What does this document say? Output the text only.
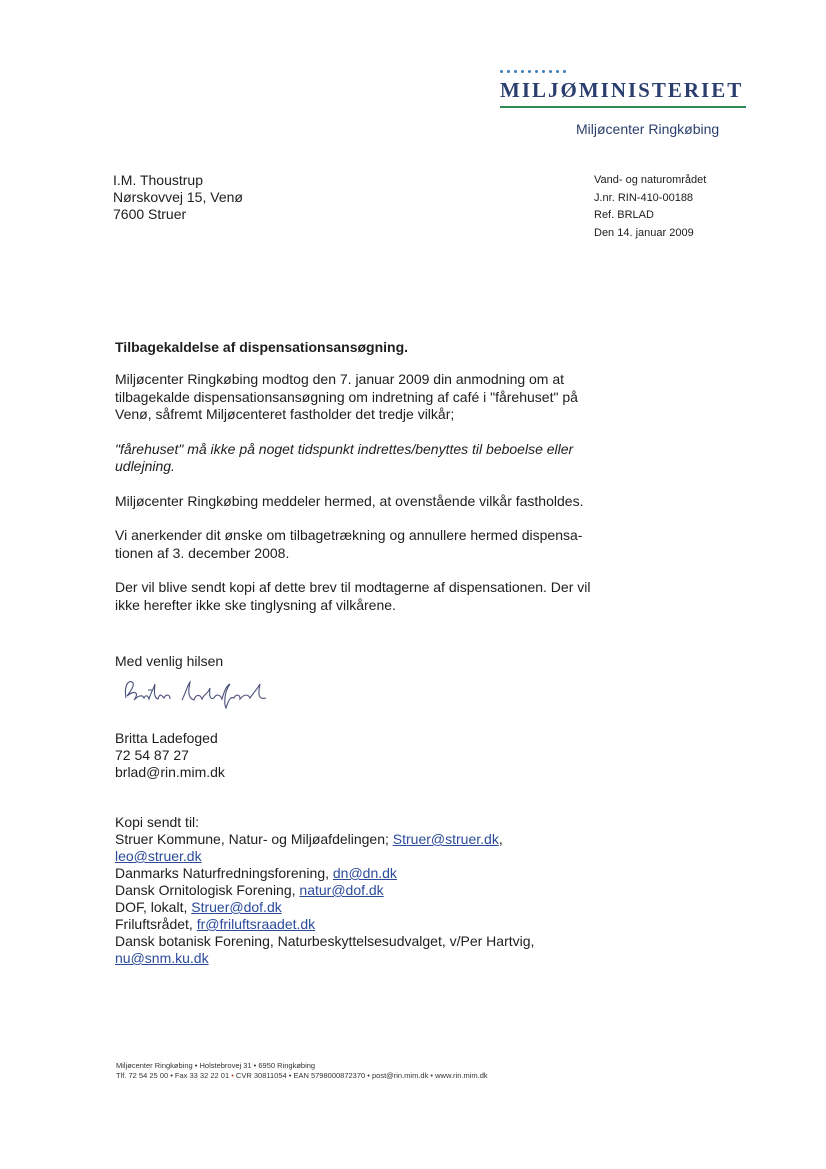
MILJØMINISTERIET
Miljøcenter Ringkøbing
I.M. Thoustrup
Nørskovvej 15, Venø
7600 Struer
Vand- og naturområdet
J.nr. RIN-410-00188
Ref. BRLAD
Den 14. januar 2009
Tilbagekaldelse af dispensationsansøgning.

Miljøcenter Ringkøbing modtog den 7. januar 2009 din anmodning om at tilbagekalde dispensationsansøgning om indretning af café i "fårehuset" på Venø, såfremt Miljøcenteret fastholder det tredje vilkår;

"fårehuset" må ikke på noget tidspunkt indrettes/benyttes til beboelse eller udlejning.

Miljøcenter Ringkøbing meddeler hermed, at ovenstående vilkår fastholdes.

Vi anerkender dit ønske om tilbagetrækning og annullere hermed dispensa-tionen af 3. december 2008.

Der vil blive sendt kopi af dette brev til modtagerne af dispensationen. Der vil ikke herefter ikke ske tinglysning af vilkårene.

Med venlig hilsen
Britta Ladefoged
72 54 87 27
brlad@rin.mim.dk
Kopi sendt til:
Struer Kommune, Natur- og Miljøafdelingen; Struer@struer.dk,
leo@struer.dk
Danmarks Naturfredningsforening, dn@dn.dk
Dansk Ornitologisk Forening, natur@dof.dk
DOF, lokalt, Struer@dof.dk
Friluftsrådet, fr@friluftsraadet.dk
Dansk botanisk Forening, Naturbeskyttelsesudvalget, v/Per Hartvig,
nu@snm.ku.dk
Miljøcenter Ringkøbing • Holstebrovej 31 • 6950 Ringkøbing
Tlf. 72 54 25 00 • Fax 33 32 22 01 • CVR 30811054 • EAN 5798000872370 • post@rin.mim.dk • www.rin.mim.dk
